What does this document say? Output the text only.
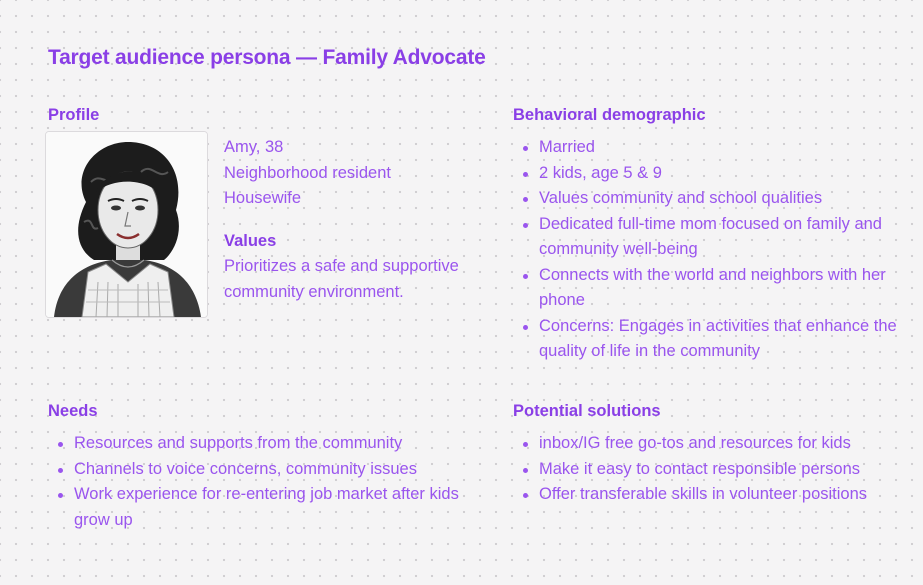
Target audience persona — Family Advocate
Profile
Amy, 38
Neighborhood resident
Housewife
Values
Prioritizes a safe and supportive community environment.
Behavioral demographic
Married
2 kids, age 5 & 9
Values community and school qualities
Dedicated full-time mom focused on family and community well-being
Connects with the world and neighbors with her phone
Concerns: Engages in activities that enhance the quality of life in the community
Needs
Resources and supports from the community
Channels to voice concerns, community issues
Work experience for re-entering job market after kids grow up
Potential solutions
inbox/IG free go-tos and resources for kids
Make it easy to contact responsible persons
Offer transferable skills in volunteer positions
